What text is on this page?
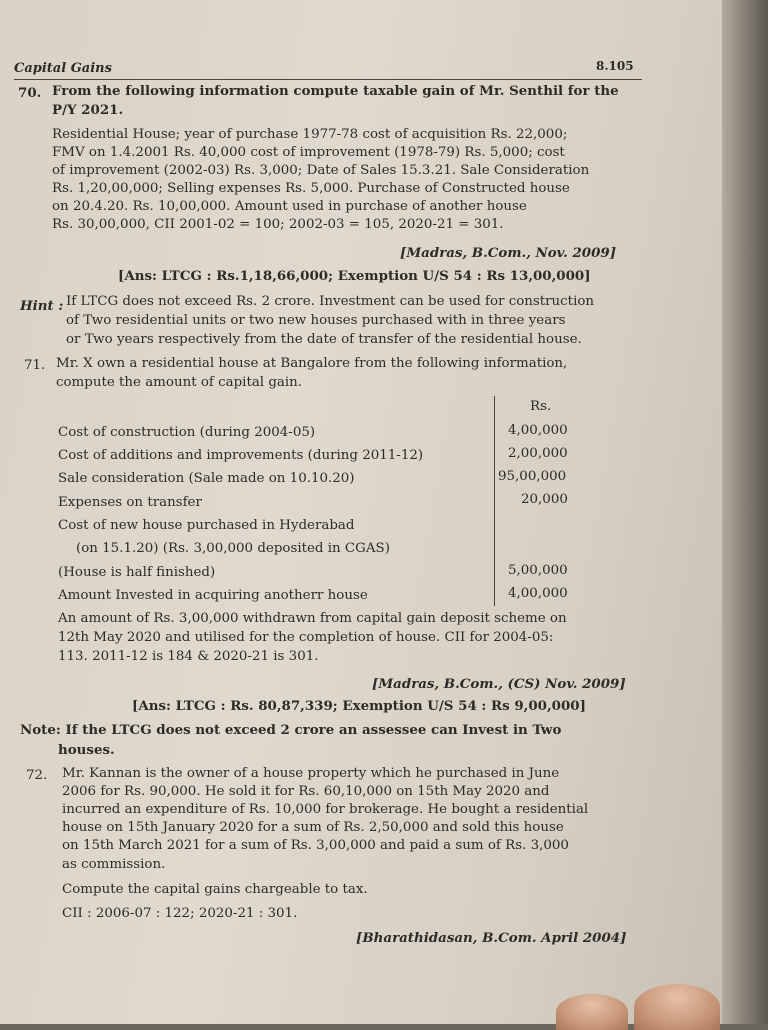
Capital Gains	8.105
70. From the following information compute taxable gain of Mr. Senthil for the
P/Y 2021.
Residential House; year of purchase 1977-78 cost of acquisition Rs. 22,000;
FMV on 1.4.2001 Rs. 40,000 cost of improvement (1978-79) Rs. 5,000; cost
of improvement (2002-03) Rs. 3,000; Date of Sales 15.3.21. Sale Consideration
Rs. 1,20,00,000; Selling expenses Rs. 5,000. Purchase of Constructed house
on 20.4.20. Rs. 10,00,000. Amount used in purchase of another house
Rs. 30,00,000, CII 2001-02 = 100; 2002-03 = 105, 2020-21 = 301.
[Madras, B.Com., Nov. 2009]
[Ans: LTCG : Rs.1,18,66,000; Exemption U/S 54 : Rs 13,00,000]
Hint : If LTCG does not exceed Rs. 2 crore. Investment can be used for construction
of Two residential units or two new houses purchased with in three years
or Two years respectively from the date of transfer of the residential house.
71. Mr. X own a residential house at Bangalore from the following information,
compute the amount of capital gain.
Rs.
Cost of construction (during 2004-05)	4,00,000
Cost of additions and improvements (during 2011-12)	2,00,000
Sale consideration (Sale made on 10.10.20)	95,00,000
Expenses on transfer	20,000
Cost of new house purchased in Hyderabad
(on 15.1.20) (Rs. 3,00,000 deposited in CGAS)
(House is half finished)	5,00,000
Amount Invested in acquiring anotherr house	4,00,000
An amount of Rs. 3,00,000 withdrawn from capital gain deposit scheme on
12th May 2020 and utilised for the completion of house. CII for 2004-05:
113. 2011-12 is 184 & 2020-21 is 301.
[Madras, B.Com., (CS) Nov. 2009]
[Ans: LTCG : Rs. 80,87,339; Exemption U/S 54 : Rs 9,00,000]
Note: If the LTCG does not exceed 2 crore an assessee can Invest in Two
houses.
72. Mr. Kannan is the owner of a house property which he purchased in June
2006 for Rs. 90,000. He sold it for Rs. 60,10,000 on 15th May 2020 and
incurred an expenditure of Rs. 10,000 for brokerage. He bought a residential
house on 15th January 2020 for a sum of Rs. 2,50,000 and sold this house
on 15th March 2021 for a sum of Rs. 3,00,000 and paid a sum of Rs. 3,000
as commission.
Compute the capital gains chargeable to tax.
CII : 2006-07 : 122; 2020-21 : 301.
[Bharathidasan, B.Com. April 2004]
